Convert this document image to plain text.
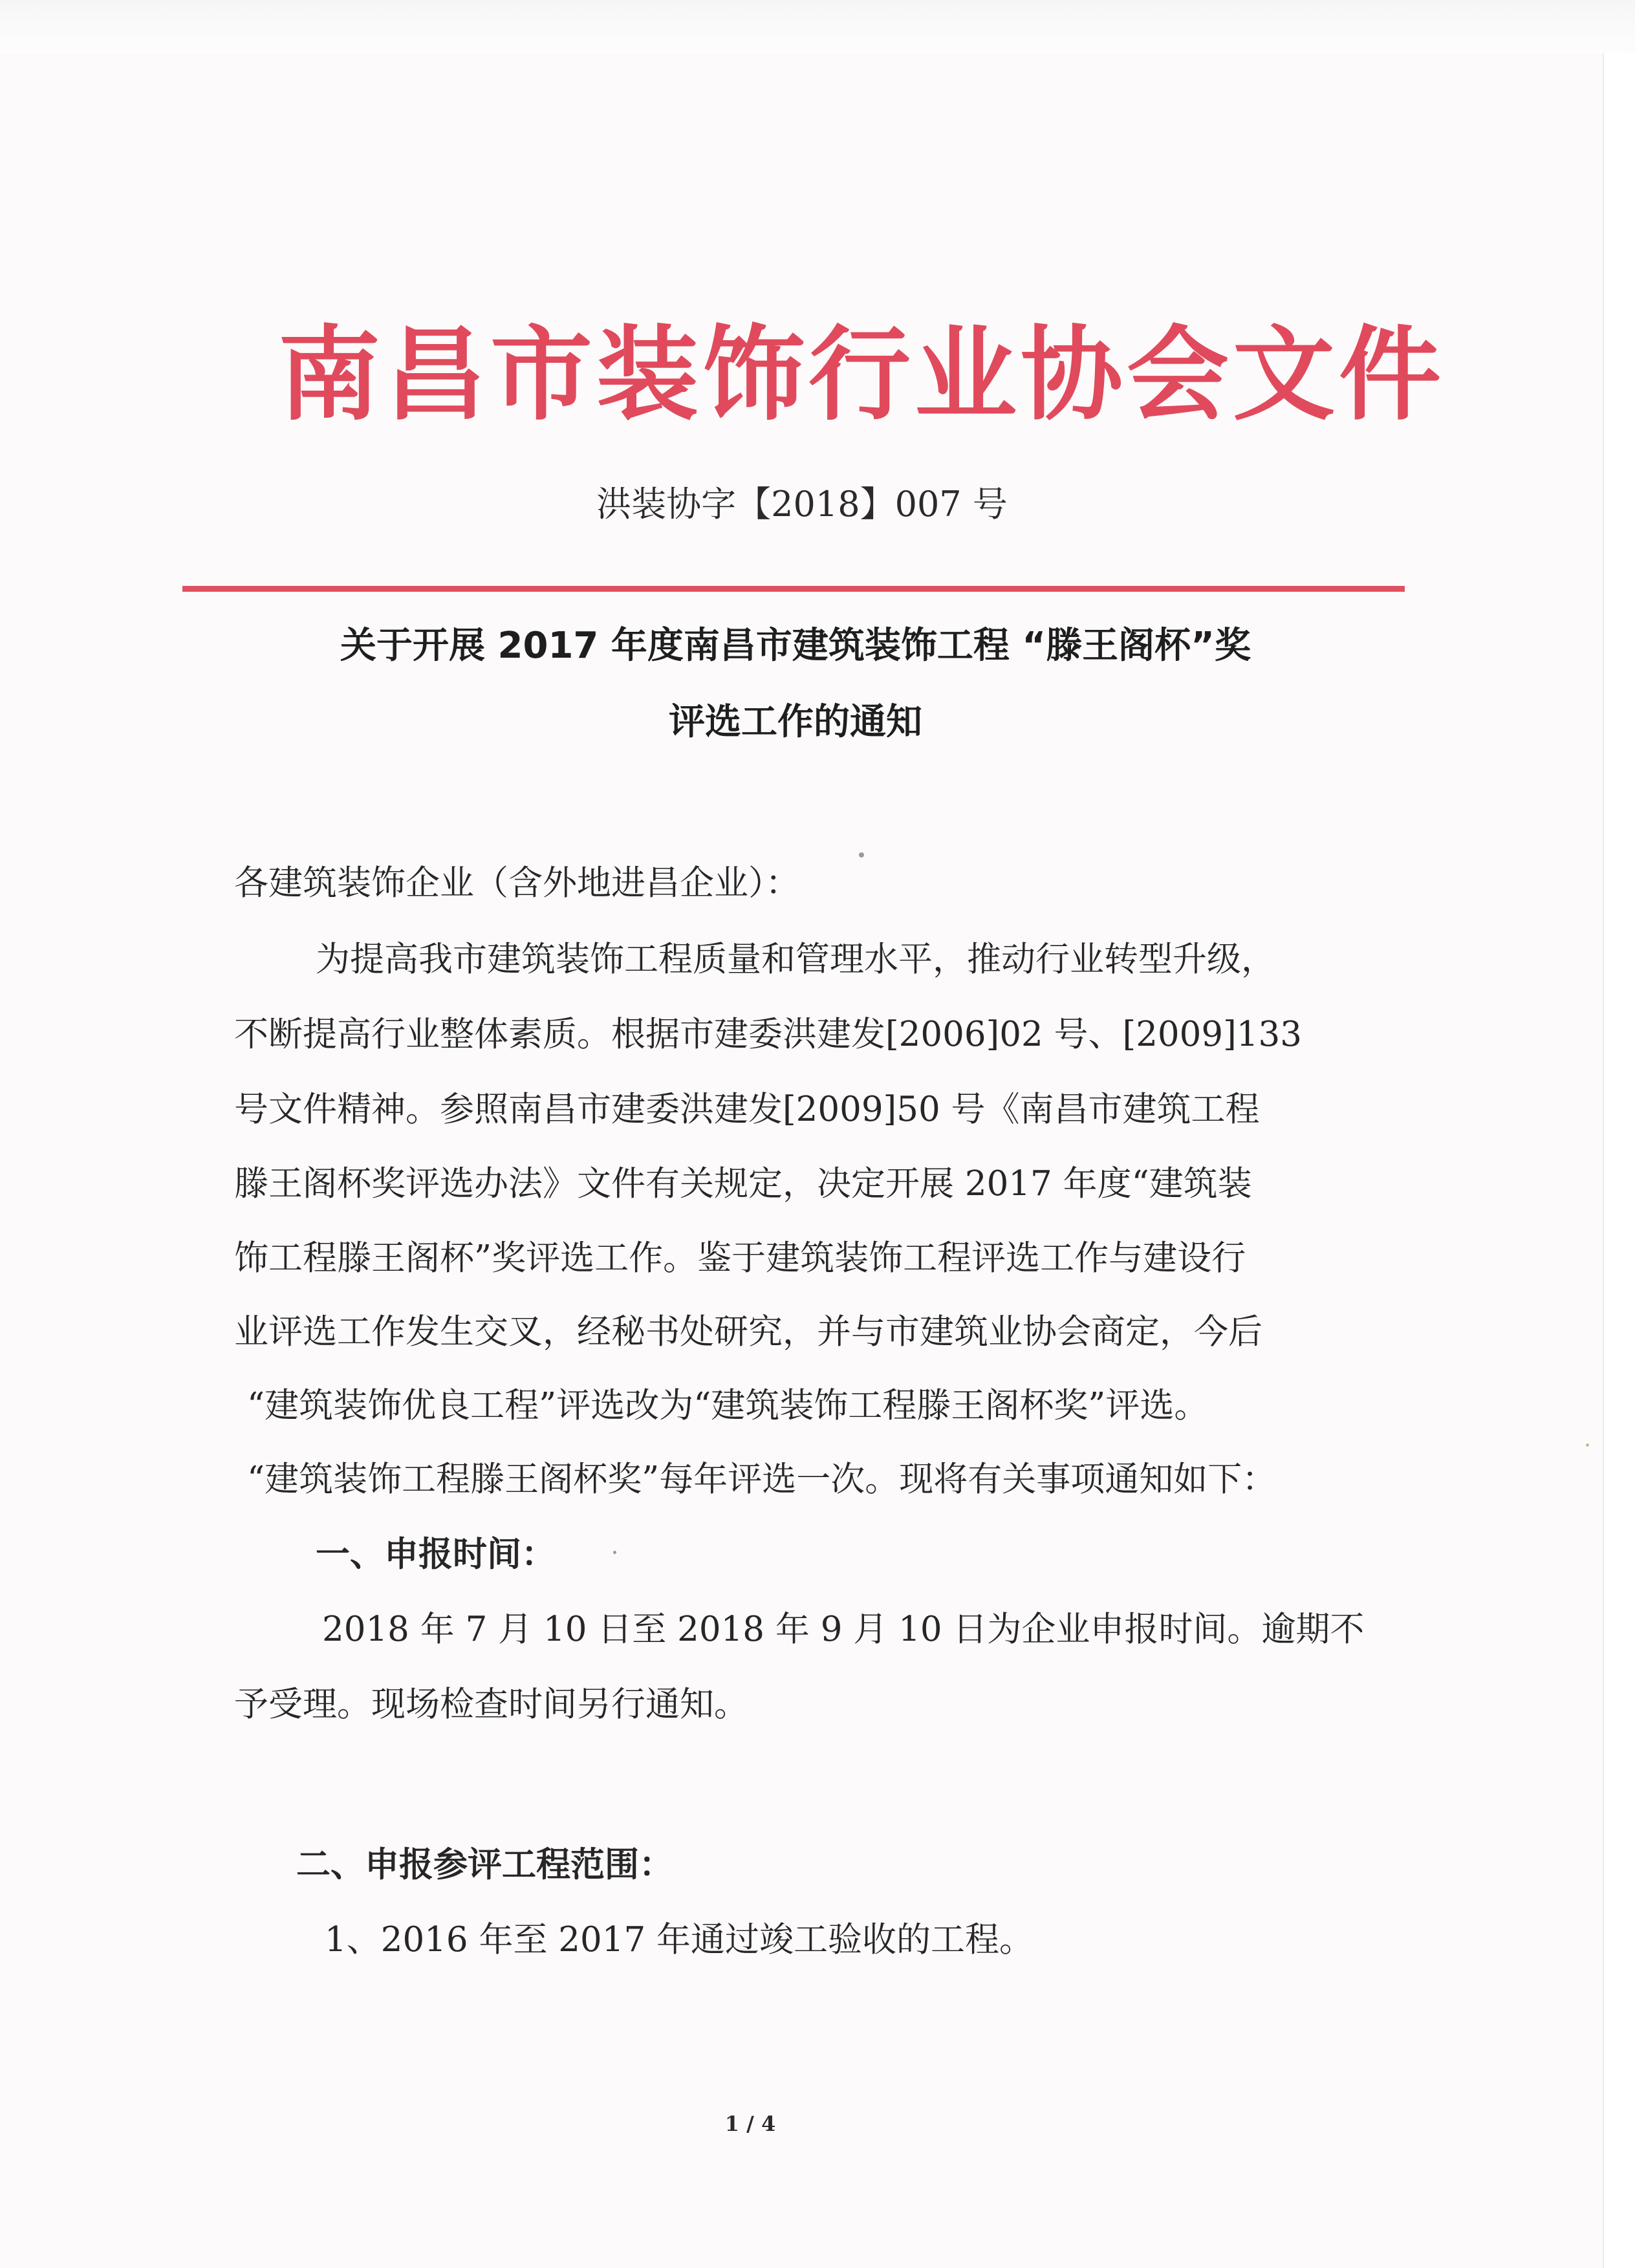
南昌市装饰行业协会文件
洪装协字【2018】007 号
关于开展 2017 年度南昌市建筑装饰工程 “滕王阁杯”奖
评选工作的通知
各建筑装饰企业（含外地进昌企业）：
为提高我市建筑装饰工程质量和管理水平，推动行业转型升级，
不断提高行业整体素质。根据市建委洪建发[2006]02 号、[2009]133
号文件精神。参照南昌市建委洪建发[2009]50 号《南昌市建筑工程
滕王阁杯奖评选办法》文件有关规定，决定开展 2017 年度“建筑装
饰工程滕王阁杯”奖评选工作。鉴于建筑装饰工程评选工作与建设行
业评选工作发生交叉，经秘书处研究，并与市建筑业协会商定，今后
“建筑装饰优良工程”评选改为“建筑装饰工程滕王阁杯奖”评选。
“建筑装饰工程滕王阁杯奖”每年评选一次。现将有关事项通知如下：
一、申报时间：
2018 年 7 月 10 日至 2018 年 9 月 10 日为企业申报时间。逾期不
予受理。现场检查时间另行通知。
二、申报参评工程范围：
1、2016 年至 2017 年通过竣工验收的工程。
1 / 4
